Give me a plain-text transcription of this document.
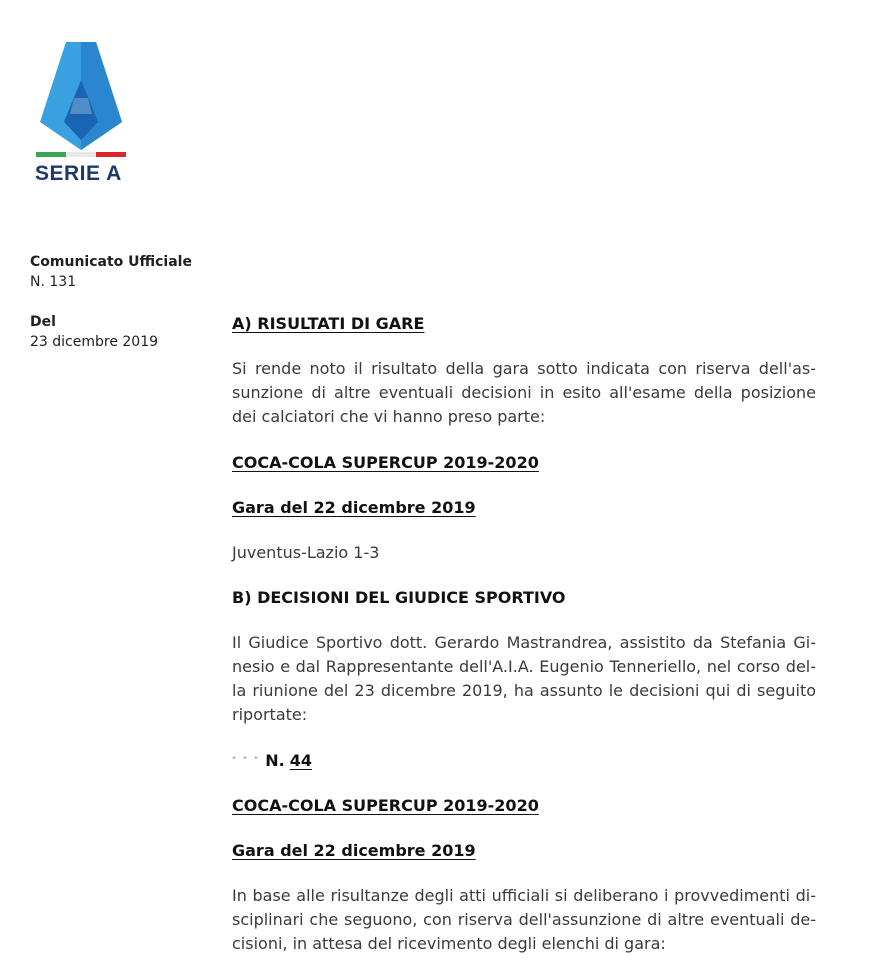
SERIE A
Comunicato Ufficiale
N. 131
Del
23 dicembre 2019
A) RISULTATI DI GARE

Si rende noto il risultato della gara sotto indicata con riserva dell'as-sunzione di altre eventuali decisioni in esito all'esame della posizione dei calciatori che vi hanno preso parte:

COCA-COLA SUPERCUP 2019-2020
Gara del 22 dicembre 2019
Juventus-Lazio 1-3
B) DECISIONI DEL GIUDICE SPORTIVO

Il Giudice Sportivo dott. Gerardo Mastrandrea, assistito da Stefania Gi-nesio e dal Rappresentante dell'A.I.A. Eugenio Tenneriello, nel corso del-la riunione del 23 dicembre 2019, ha assunto le decisioni qui di seguito riportate:

" " " N. 44
COCA-COLA SUPERCUP 2019-2020
Gara del 22 dicembre 2019

In base alle risultanze degli atti ufficiali si deliberano i provvedimenti di-sciplinari che seguono, con riserva dell'assunzione di altre eventuali de-cisioni, in attesa del ricevimento degli elenchi di gara:
